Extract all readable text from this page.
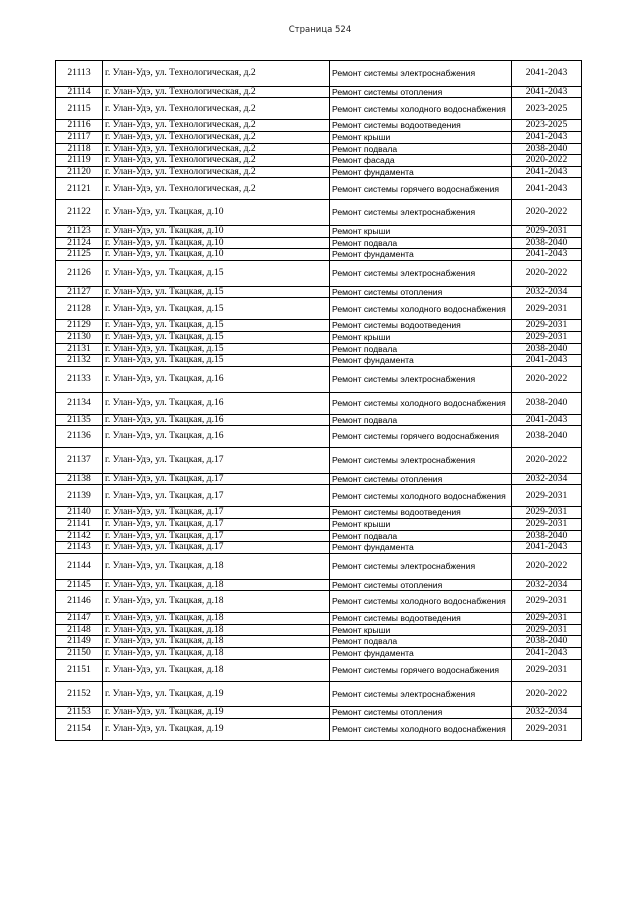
Страница 524
21113	г. Улан-Удэ, ул. Технологическая, д.2	Ремонт системы электроснабжения	2041-2043
21114	г. Улан-Удэ, ул. Технологическая, д.2	Ремонт системы отопления	2041-2043
21115	г. Улан-Удэ, ул. Технологическая, д.2	Ремонт системы холодного водоснабжения	2023-2025
21116	г. Улан-Удэ, ул. Технологическая, д.2	Ремонт системы водоотведения	2023-2025
21117	г. Улан-Удэ, ул. Технологическая, д.2	Ремонт крыши	2041-2043
21118	г. Улан-Удэ, ул. Технологическая, д.2	Ремонт подвала	2038-2040
21119	г. Улан-Удэ, ул. Технологическая, д.2	Ремонт фасада	2020-2022
21120	г. Улан-Удэ, ул. Технологическая, д.2	Ремонт фундамента	2041-2043
21121	г. Улан-Удэ, ул. Технологическая, д.2	Ремонт системы горячего водоснабжения	2041-2043
21122	г. Улан-Удэ, ул. Ткацкая, д.10	Ремонт системы электроснабжения	2020-2022
21123	г. Улан-Удэ, ул. Ткацкая, д.10	Ремонт крыши	2029-2031
21124	г. Улан-Удэ, ул. Ткацкая, д.10	Ремонт подвала	2038-2040
21125	г. Улан-Удэ, ул. Ткацкая, д.10	Ремонт фундамента	2041-2043
21126	г. Улан-Удэ, ул. Ткацкая, д.15	Ремонт системы электроснабжения	2020-2022
21127	г. Улан-Удэ, ул. Ткацкая, д.15	Ремонт системы отопления	2032-2034
21128	г. Улан-Удэ, ул. Ткацкая, д.15	Ремонт системы холодного водоснабжения	2029-2031
21129	г. Улан-Удэ, ул. Ткацкая, д.15	Ремонт системы водоотведения	2029-2031
21130	г. Улан-Удэ, ул. Ткацкая, д.15	Ремонт крыши	2029-2031
21131	г. Улан-Удэ, ул. Ткацкая, д.15	Ремонт подвала	2038-2040
21132	г. Улан-Удэ, ул. Ткацкая, д.15	Ремонт фундамента	2041-2043
21133	г. Улан-Удэ, ул. Ткацкая, д.16	Ремонт системы электроснабжения	2020-2022
21134	г. Улан-Удэ, ул. Ткацкая, д.16	Ремонт системы холодного водоснабжения	2038-2040
21135	г. Улан-Удэ, ул. Ткацкая, д.16	Ремонт подвала	2041-2043
21136	г. Улан-Удэ, ул. Ткацкая, д.16	Ремонт системы горячего водоснабжения	2038-2040
21137	г. Улан-Удэ, ул. Ткацкая, д.17	Ремонт системы электроснабжения	2020-2022
21138	г. Улан-Удэ, ул. Ткацкая, д.17	Ремонт системы отопления	2032-2034
21139	г. Улан-Удэ, ул. Ткацкая, д.17	Ремонт системы холодного водоснабжения	2029-2031
21140	г. Улан-Удэ, ул. Ткацкая, д.17	Ремонт системы водоотведения	2029-2031
21141	г. Улан-Удэ, ул. Ткацкая, д.17	Ремонт крыши	2029-2031
21142	г. Улан-Удэ, ул. Ткацкая, д.17	Ремонт подвала	2038-2040
21143	г. Улан-Удэ, ул. Ткацкая, д.17	Ремонт фундамента	2041-2043
21144	г. Улан-Удэ, ул. Ткацкая, д.18	Ремонт системы электроснабжения	2020-2022
21145	г. Улан-Удэ, ул. Ткацкая, д.18	Ремонт системы отопления	2032-2034
21146	г. Улан-Удэ, ул. Ткацкая, д.18	Ремонт системы холодного водоснабжения	2029-2031
21147	г. Улан-Удэ, ул. Ткацкая, д.18	Ремонт системы водоотведения	2029-2031
21148	г. Улан-Удэ, ул. Ткацкая, д.18	Ремонт крыши	2029-2031
21149	г. Улан-Удэ, ул. Ткацкая, д.18	Ремонт подвала	2038-2040
21150	г. Улан-Удэ, ул. Ткацкая, д.18	Ремонт фундамента	2041-2043
21151	г. Улан-Удэ, ул. Ткацкая, д.18	Ремонт системы горячего водоснабжения	2029-2031
21152	г. Улан-Удэ, ул. Ткацкая, д.19	Ремонт системы электроснабжения	2020-2022
21153	г. Улан-Удэ, ул. Ткацкая, д.19	Ремонт системы отопления	2032-2034
21154	г. Улан-Удэ, ул. Ткацкая, д.19	Ремонт системы холодного водоснабжения	2029-2031
